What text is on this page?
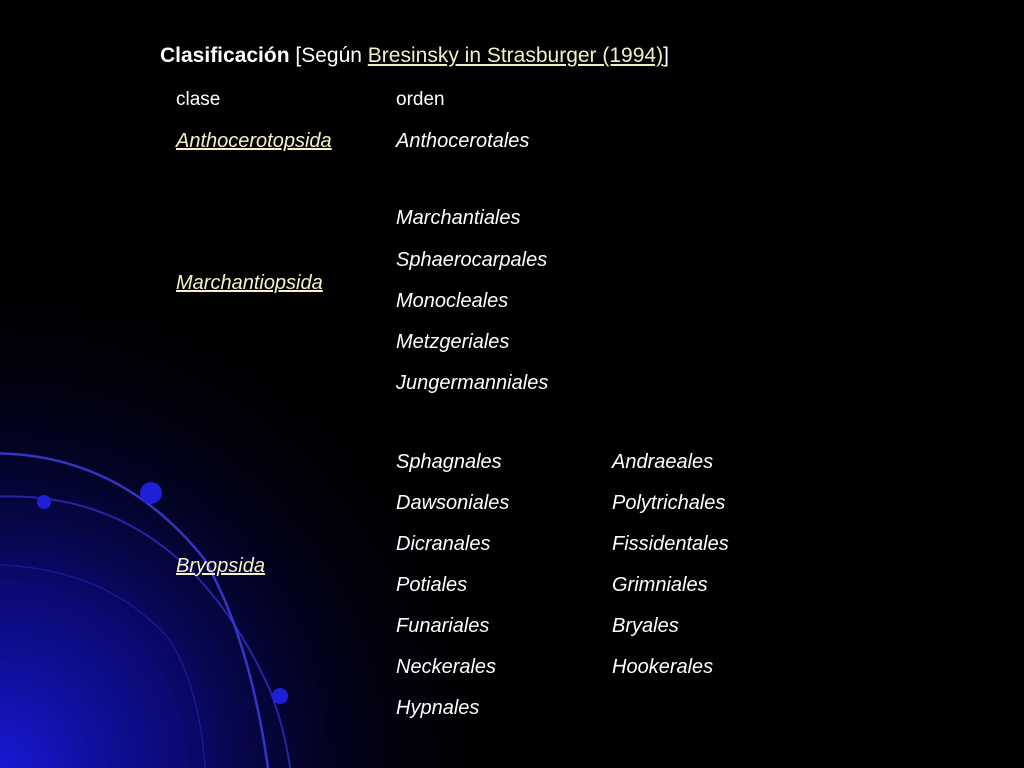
Clasificación [Según Bresinsky in Strasburger (1994)]
clase	orden
Anthocerotopsida
Marchantiopsida
Bryopsida
Anthocerotales
Marchantiales
Sphaerocarpales
Monocleales
Metzgeriales
Jungermanniales
Sphagnales
Dawsoniales
Dicranales
Potiales
Funariales
Neckerales
Hypnales
Andraeales
Polytrichales
Fissidentales
Grimniales
Bryales
Hookerales
